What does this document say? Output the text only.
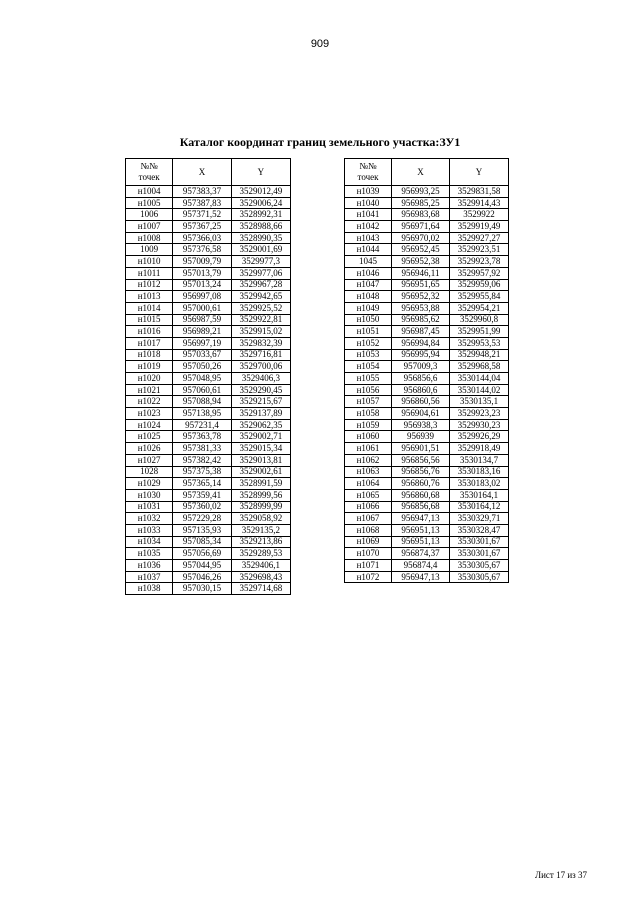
909
Каталог координат границ земельного участка:ЗУ1
№№
точек	X	Y
н1004	957383,37	3529012,49
н1005	957387,83	3529006,24
1006	957371,52	3528992,31
н1007	957367,25	3528988,66
н1008	957366,03	3528990,35
1009	957376,58	3529001,69
н1010	957009,79	3529977,3
н1011	957013,79	3529977,06
н1012	957013,24	3529967,28
н1013	956997,08	3529942,65
н1014	957000,61	3529925,52
н1015	956987,59	3529922,81
н1016	956989,21	3529915,02
н1017	956997,19	3529832,39
н1018	957033,67	3529716,81
н1019	957050,26	3529700,06
н1020	957048,95	3529406,3
н1021	957060,61	3529290,45
н1022	957088,94	3529215,67
н1023	957138,95	3529137,89
н1024	957231,4	3529062,35
н1025	957363,78	3529002,71
н1026	957381,33	3529015,34
н1027	957382,42	3529013,81
1028	957375,38	3529002,61
н1029	957365,14	3528991,59
н1030	957359,41	3528999,56
н1031	957360,02	3528999,99
н1032	957229,28	3529058,92
н1033	957135,93	3529135,2
н1034	957085,34	3529213,86
н1035	957056,69	3529289,53
н1036	957044,95	3529406,1
н1037	957046,26	3529698,43
н1038	957030,15	3529714,68
№№
точек	X	Y
н1039	956993,25	3529831,58
н1040	956985,25	3529914,43
н1041	956983,68	3529922
н1042	956971,64	3529919,49
н1043	956970,02	3529927,27
н1044	956952,45	3529923,51
1045	956952,38	3529923,78
н1046	956946,11	3529957,92
н1047	956951,65	3529959,06
н1048	956952,32	3529955,84
н1049	956953,88	3529954,21
н1050	956985,62	3529960,8
н1051	956987,45	3529951,99
н1052	956994,84	3529953,53
н1053	956995,94	3529948,21
н1054	957009,3	3529968,58
н1055	956856,6	3530144,04
н1056	956860,6	3530144,02
н1057	956860,56	3530135,1
н1058	956904,61	3529923,23
н1059	956938,3	3529930,23
н1060	956939	3529926,29
н1061	956901,51	3529918,49
н1062	956856,56	3530134,7
н1063	956856,76	3530183,16
н1064	956860,76	3530183,02
н1065	956860,68	3530164,1
н1066	956856,68	3530164,12
н1067	956947,13	3530329,71
н1068	956951,13	3530328,47
н1069	956951,13	3530301,67
н1070	956874,37	3530301,67
н1071	956874,4	3530305,67
н1072	956947,13	3530305,67
Лист 17 из 37
